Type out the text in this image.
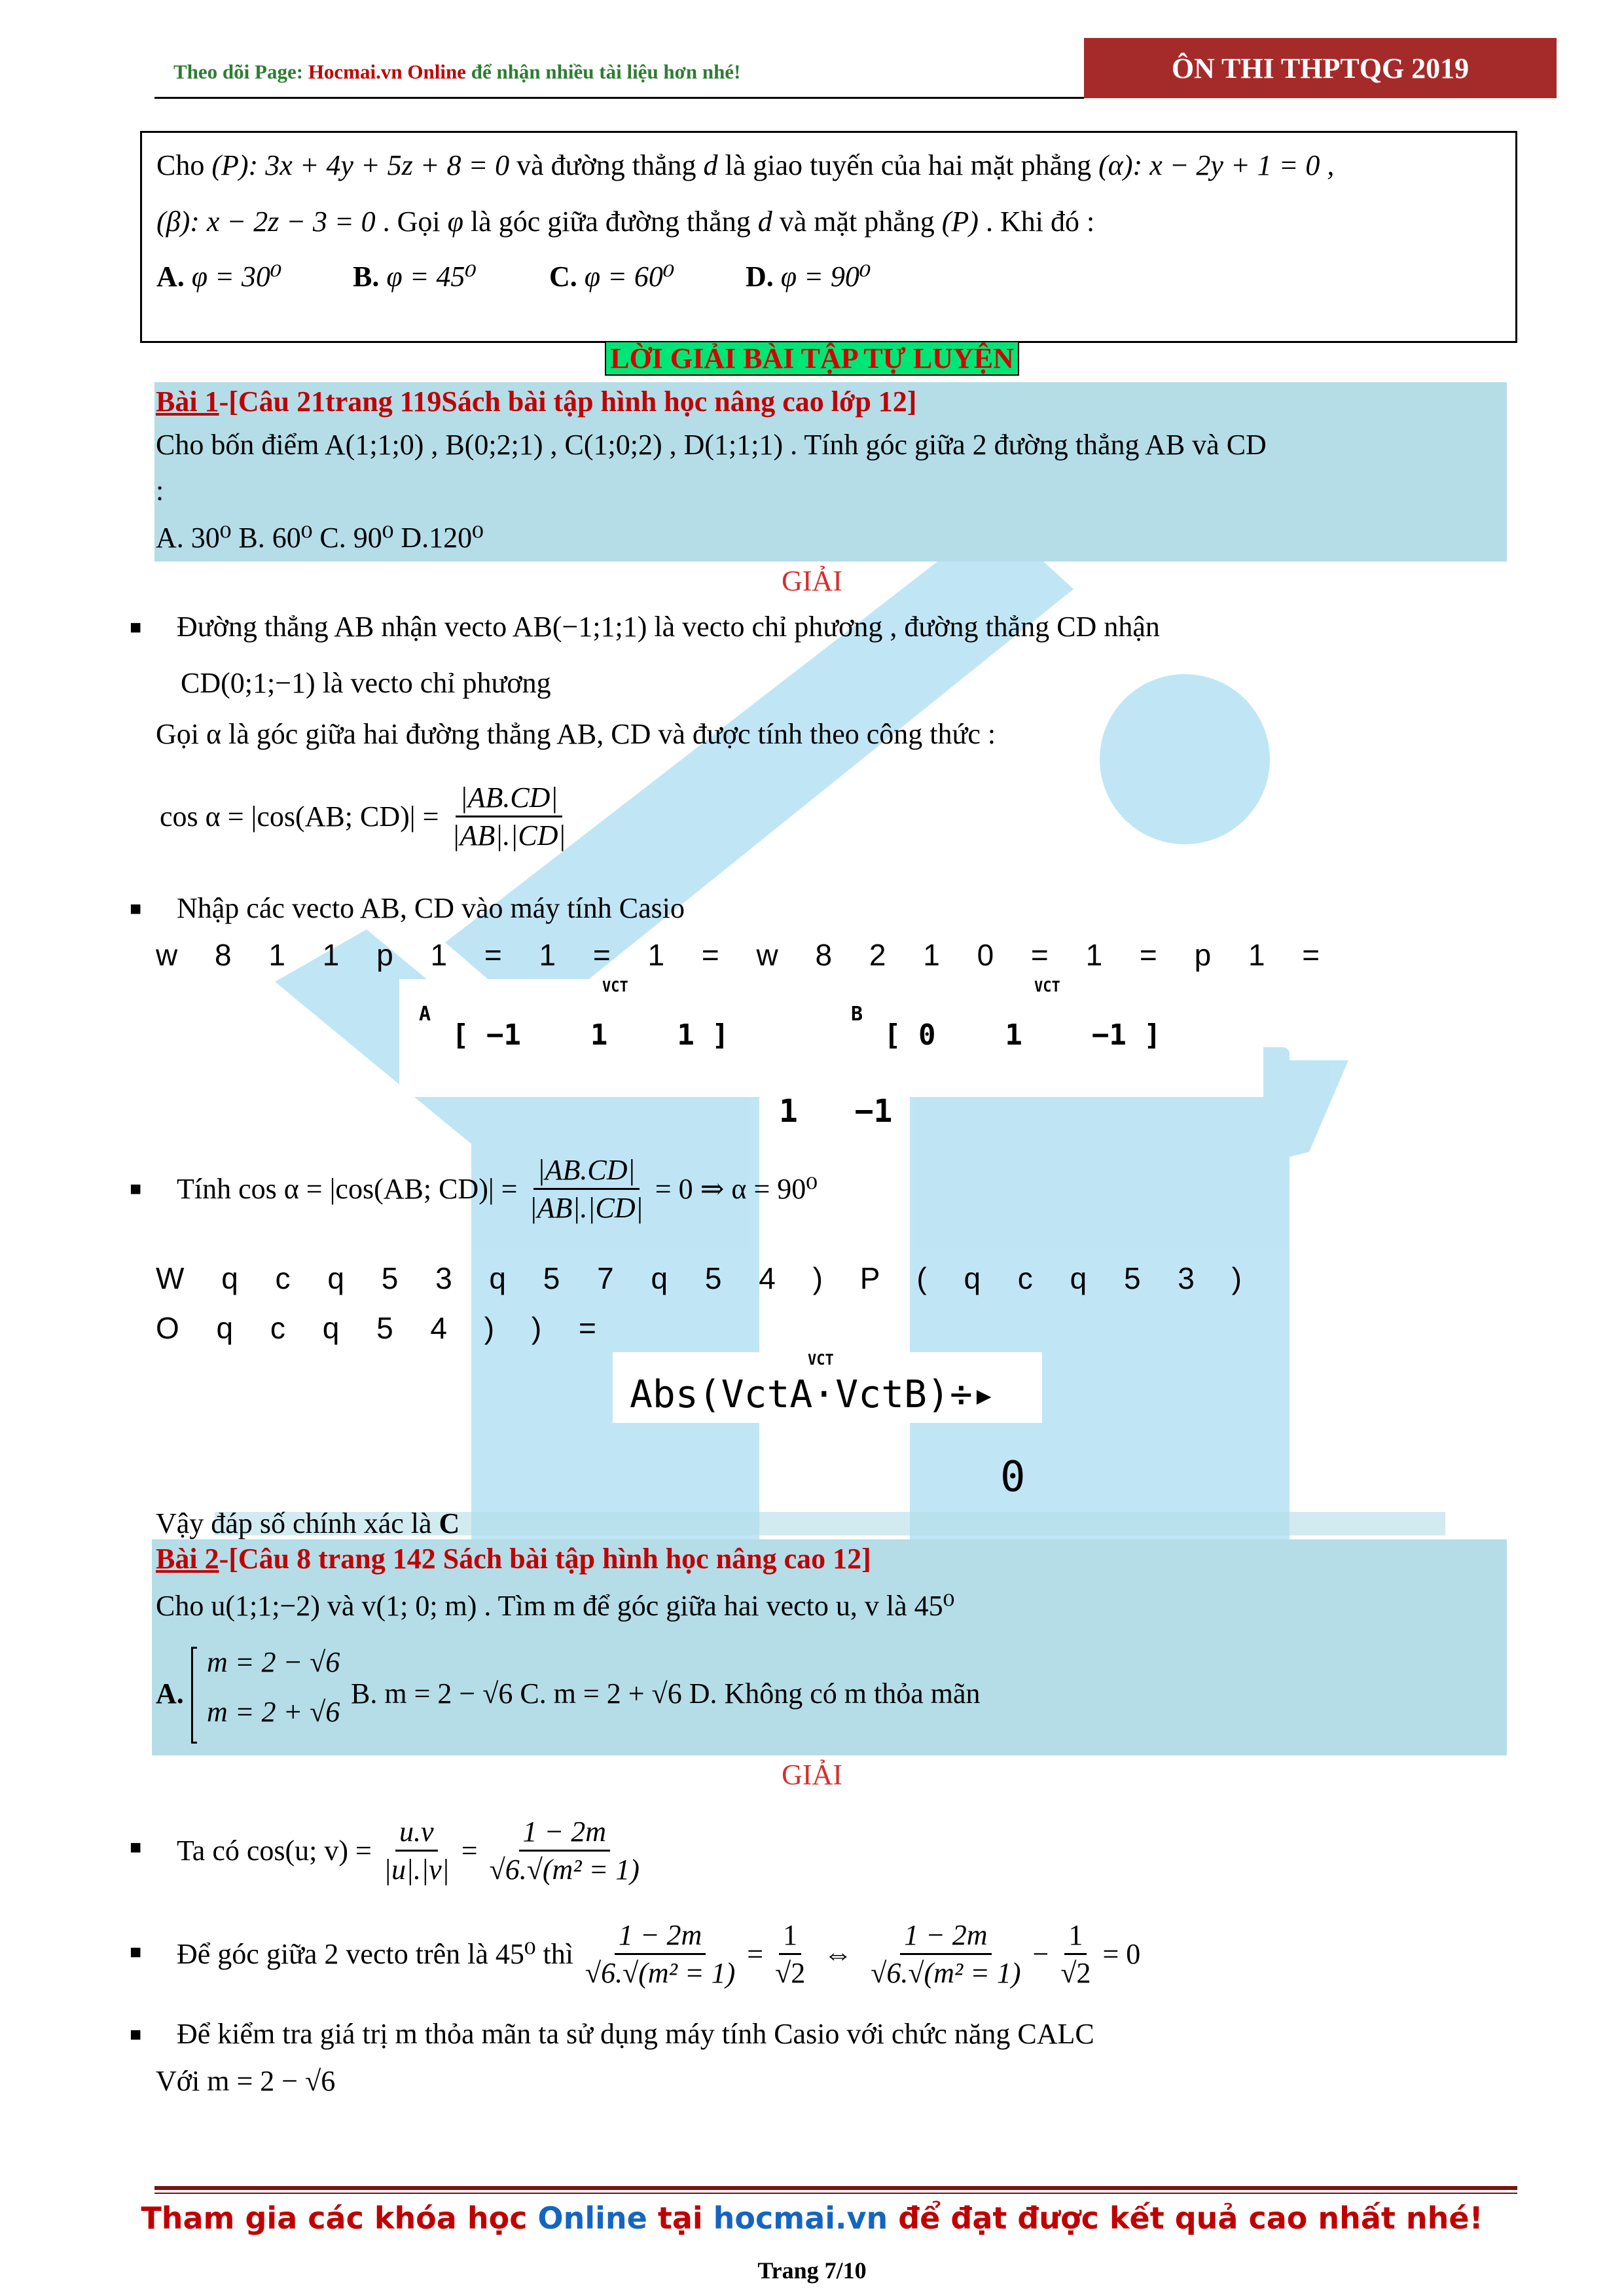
Theo dõi Page: Hocmai.vn Online để nhận nhiều tài liệu hơn nhé!	ÔN THI THPTQG 2019
Cho (P): 3x + 4y + 5z + 8 = 0 và đường thẳng d là giao tuyến của hai mặt phẳng (α): x − 2y + 1 = 0 ,
(β): x − 2z − 3 = 0 . Gọi φ là góc giữa đường thẳng d và mặt phẳng (P) . Khi đó :
A. φ = 30⁰ B. φ = 45⁰	C. φ = 60⁰ D. φ = 90⁰
LỜI GIẢI BÀI TẬP TỰ LUYỆN
Bài 1-[Câu 21trang 119Sách bài tập hình học nâng cao lớp 12]
Cho bốn điểm A(1;1;0) , B(0;2;1) , C(1;0;2) , D(1;1;1) . Tính góc giữa 2 đường thẳng AB và CD
:
A. 30⁰ B. 60⁰ C. 90⁰ D.120⁰
GIẢI
■ Đường thẳng AB nhận vecto AB(−1;1;1) là vecto chỉ phương , đường thẳng CD nhận
CD(0;1;−1) là vecto chỉ phương
Gọi α là góc giữa hai đường thẳng AB, CD và được tính theo công thức :
cos α = |cos(AB; $CD)| = \frac{|AB.CD|}{|AB|.|CD|}$
■ Nhập các vecto AB, CD vào máy tính Casio
w 8 1 1 p 1 = 1 = 1 = w 8 2 1 0 = 1 = p 1 =
A
VCT
[ −1    1    1 ]
B
VCT
[ 0    1    −1 ]
1   −1
■ Tính cos α = |cos(AB; $CD)| = \frac{|AB.CD|}{|AB|.|CD|} = 0$ ⇒ α = 90⁰
W q c q 5 3 q 5 7 q 5 4 ) P ( q c q 5 3 )
O q c q 5 4 ) ) =
VCT
Abs(VctA·VctB)÷▸
0
Vậy đáp số chính xác là C
Bài 2-[Câu 8 trang 142 Sách bài tập hình học nâng cao 12]
Cho u(1;1;−2) và v(1; 0; m) . Tìm m để góc giữa hai vecto u, v là 45⁰
A.
m = 2 − √6
m = 2 + √6
B. m = 2 − √6 C. m = 2 + √6 D. Không có m thỏa mãn
GIẢI
■ Ta có cos(u; $v) = \frac{u.v}{|u|.|v|} = \frac{1 - 2m}{\text{√6.√(m² = 1)}}$
■ Để góc giữa 2 vecto trên là 45⁰ thì $\frac{1 - 2m}{\text{√6.√(m² = 1)}} = \frac{1}{√2}$ ⇔ $\frac{1 - 2m}{\text{√6.√(m² = 1)}} - \frac{1}{√2} = 0$
■ Để kiểm tra giá trị m thỏa mãn ta sử dụng máy tính Casio với chức năng CALC
Với m = 2 − √6
Tham gia các khóa học Online tại hocmai.vn để đạt được kết quả cao nhất nhé!
Trang 7/10
